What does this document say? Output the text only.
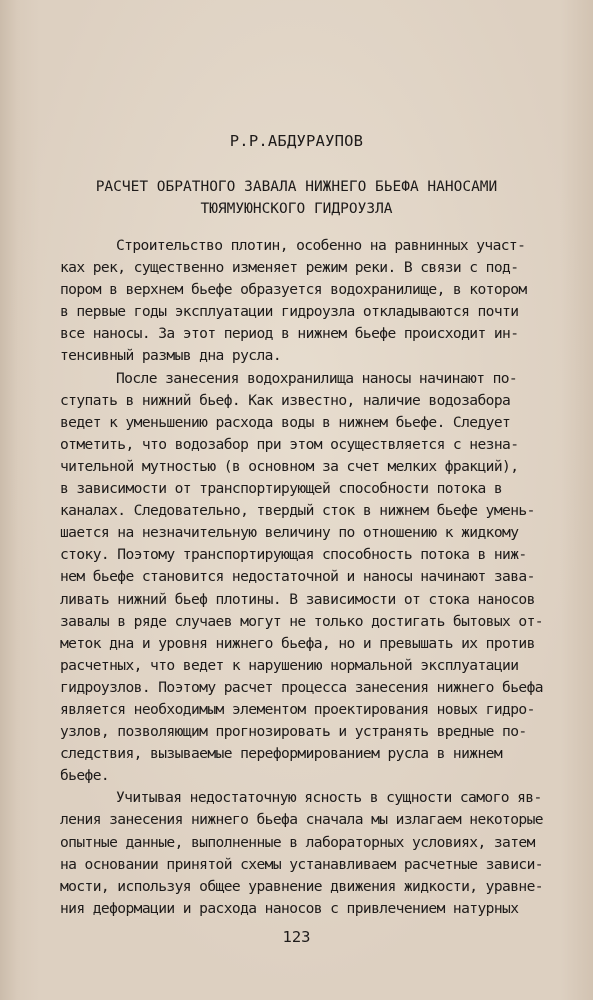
Р.Р.АБДУРАУПОВ
РАСЧЕТ ОБРАТНОГО ЗАВАЛА НИЖНЕГО БЬЕФА НАНОСАМИ
ТЮЯМУЮНСКОГО ГИДРОУЗЛА
Строительство плотин, особенно на равнинных участ-
ках рек, существенно изменяет режим реки. В связи с под-
пором в верхнем бьефе образуется водохранилище, в котором
в первые годы эксплуатации гидроузла откладываются почти
все наносы. За этот период в нижнем бьефе происходит ин-
тенсивный размыв дна русла.
После занесения водохранилища наносы начинают по-
ступать в нижний бьеф. Как известно, наличие водозабора
ведет к уменьшению расхода воды в нижнем бьефе. Следует
отметить, что водозабор при этом осуществляется с незна-
чительной мутностью (в основном за счет мелких фракций),
в зависимости от транспортирующей способности потока в
каналах. Следовательно, твердый сток в нижнем бьефе умень-
шается на незначительную величину по отношению к жидкому
стоку. Поэтому транспортирующая способность потока в ниж-
нем бьефе становится недостаточной и наносы начинают зава-
ливать нижний бьеф плотины. В зависимости от стока наносов
завалы в ряде случаев могут не только достигать бытовых от-
меток дна и уровня нижнего бьефа, но и превышать их против
расчетных, что ведет к нарушению нормальной эксплуатации
гидроузлов. Поэтому расчет процесса занесения нижнего бьефа
является необходимым элементом проектирования новых гидро-
узлов, позволяющим прогнозировать и устранять вредные по-
следствия, вызываемые переформированием русла в нижнем
бьефе.
Учитывая недостаточную ясность в сущности самого яв-
ления занесения нижнего бьефа сначала мы излагаем некоторые
опытные данные, выполненные в лабораторных условиях, затем
на основании принятой схемы устанавливаем расчетные зависи-
мости, используя общее уравнение движения жидкости, уравне-
ния деформации и расхода наносов с привлечением натурных
123
